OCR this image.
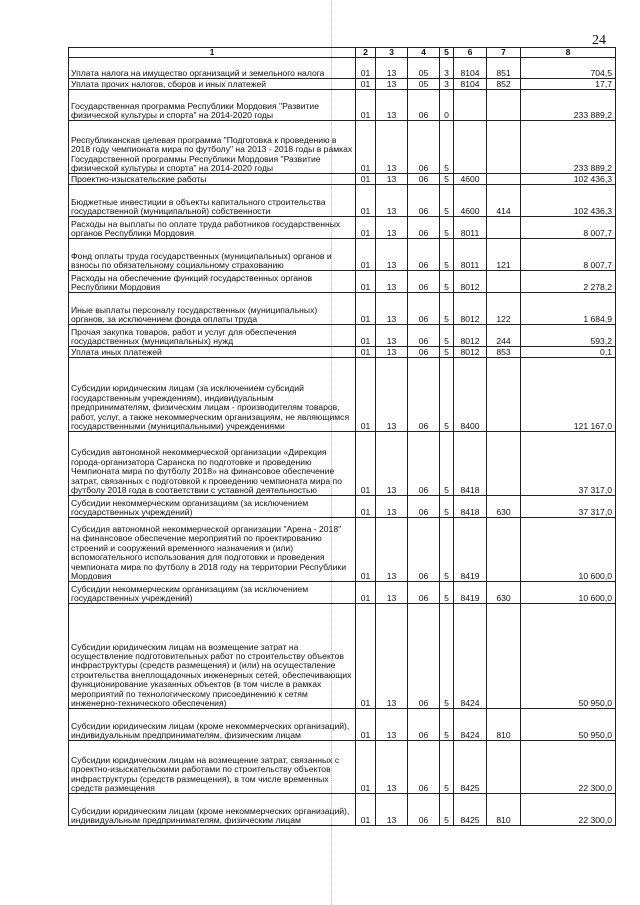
24
1	2	3	4	5	6	7	8
Уплата налога на имущество организаций и земельного налога	01	13	05	3	8104	851	704,5
Уплата прочих налогов, сборов и иных платежей	01	13	05	3	8104	852	17,7
Государственная программа Республики Мордовия "Развитие физической культуры и спорта" на 2014-2020 годы	01	13	06	0			233 889,2
Республиканская целевая программа "Подготовка к проведению в 2018 году чемпионата мира по футболу" на 2013 - 2018 годы в рамках Государственной программы Республики Мордовия "Развитие физической культуры и спорта" на 2014-2020 годы	01	13	06	5			233 889,2
Проектно-изыскательские работы	01	13	06	5	4600		102 436,3
Бюджетные инвестиции в объекты капитального строительства государственной (муниципальной) собственности	01	13	06	5	4600	414	102 436,3
Расходы на выплаты по оплате труда работников государственных органов Республики Мордовия	01	13	06	5	8011		8 007,7
Фонд оплаты труда государственных (муниципальных) органов и взносы по обязательному социальному страхованию	01	13	06	5	8011	121	8 007,7
Расходы на обеспечение функций государственных органов Республики Мордовия	01	13	06	5	8012		2 278,2
Иные выплаты персоналу государственных (муниципальных) органов, за исключением фонда оплаты труда	01	13	06	5	8012	122	1 684,9
Прочая закупка товаров, работ и услуг для обеспечения государственных (муниципальных) нужд	01	13	06	5	8012	244	593,2
Уплата иных платежей	01	13	06	5	8012	853	0,1
Субсидии юридическим лицам (за исключением субсидий государственным учреждениям), индивидуальным предпринимателям, физическим лицам - производителям товаров, работ, услуг, а также некоммерческим организациям, не являющимся государственными (муниципальными) учреждениями	01	13	06	5	8400		121 167,0
Субсидия автономной некоммерческой организации «Дирекция города-организатора Саранска по подготовке и проведению Чемпионата мира по футболу 2018» на финансовое обеспечение затрат, связанных с подготовкой к проведению чемпионата мира по футболу 2018 года в соответствии с уставной деятельностью	01	13	06	5	8418		37 317,0
Субсидии некоммерческим организациям (за исключением государственных учреждений)	01	13	06	5	8418	630	37 317,0
Субсидия автономной некоммерческой организации "Арена - 2018" на финансовое обеспечение мероприятий по проектированию строений и сооружений временного назначения и (или) вспомогательного использования для подготовки и проведения чемпионата мира по футболу в 2018 году на территории Республики Мордовия	01	13	06	5	8419		10 600,0
Субсидии некоммерческим организациям (за исключением государственных учреждений)	01	13	06	5	8419	630	10 600,0
Субсидии юридическим лицам на возмещение затрат на осуществление подготовительных работ по строительству объектов инфраструктуры (средств размещения) и (или) на осуществление строительства внеплощадочных инженерных сетей, обеспечивающих функционирование указанных объектов (в том числе в рамках мероприятий по технологическому присоединению к сетям инженерно-технического обеспечения)	01	13	06	5	8424		50 950,0
Субсидии юридическим лицам (кроме некоммерческих организаций), индивидуальным предпринимателям, физическим лицам	01	13	06	5	8424	810	50 950,0
Субсидии юридическим лицам на возмещение затрат, связанных с проектно-изыскательскими работами по строительству объектов инфраструктуры (средств размещения), в том числе временных средств размещения	01	13	06	5	8425		22 300,0
Субсидии юридическим лицам (кроме некоммерческих организаций), индивидуальным предпринимателям, физическим лицам	01	13	06	5	8425	810	22 300,0
